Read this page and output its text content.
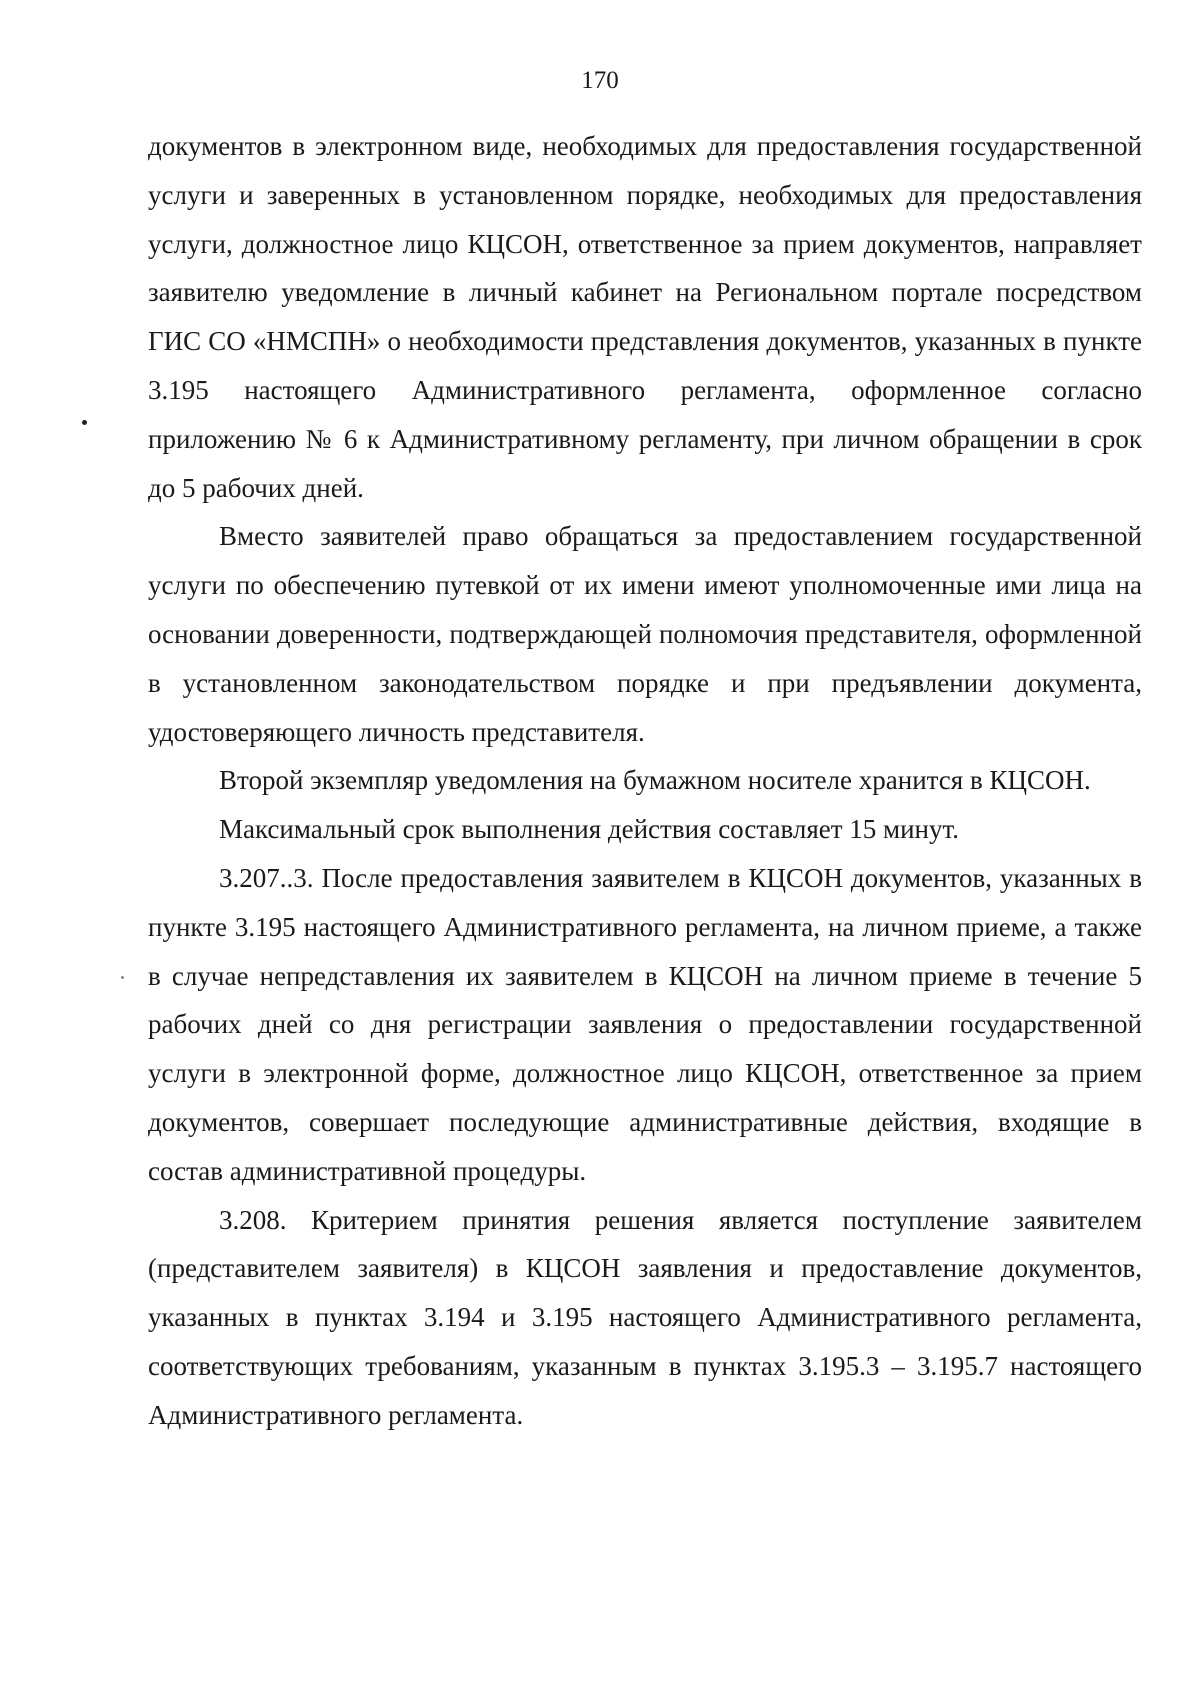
170

документов в электронном виде, необходимых для предоставления государственной услуги и заверенных в установленном порядке, необходимых для предоставления услуги, должностное лицо КЦСОН, ответственное за прием документов, направляет заявителю уведомление в личный кабинет на Региональном портале посредством ГИС СО «НМСПН» о необходимости представления документов, указанных в пункте 3.195 настоящего Административного регламента, оформленное согласно приложению № 6 к Административному регламенту, при личном обращении в срок до 5 рабочих дней.

Вместо заявителей право обращаться за предоставлением государственной услуги по обеспечению путевкой от их имени имеют уполномоченные ими лица на основании доверенности, подтверждающей полномочия представителя, оформленной в установленном законодательством порядке и при предъявлении документа, удостоверяющего личность представителя.

Второй экземпляр уведомления на бумажном носителе хранится в КЦСОН.

Максимальный срок выполнения действия составляет 15 минут.

3.207..3. После предоставления заявителем в КЦСОН документов, указанных в пункте 3.195 настоящего Административного регламента, на личном приеме, а также в случае непредставления их заявителем в КЦСОН на личном приеме в течение 5 рабочих дней со дня регистрации заявления о предоставлении государственной услуги в электронной форме, должностное лицо КЦСОН, ответственное за прием документов, совершает последующие административные действия, входящие в состав административной процедуры.

3.208. Критерием принятия решения является поступление заявителем (представителем заявителя) в КЦСОН заявления и предоставление документов, указанных в пунктах 3.194 и 3.195 настоящего Административного регламента, соответствующих требованиям, указанным в пунктах 3.195.3 – 3.195.7 настоящего Административного регламента.
